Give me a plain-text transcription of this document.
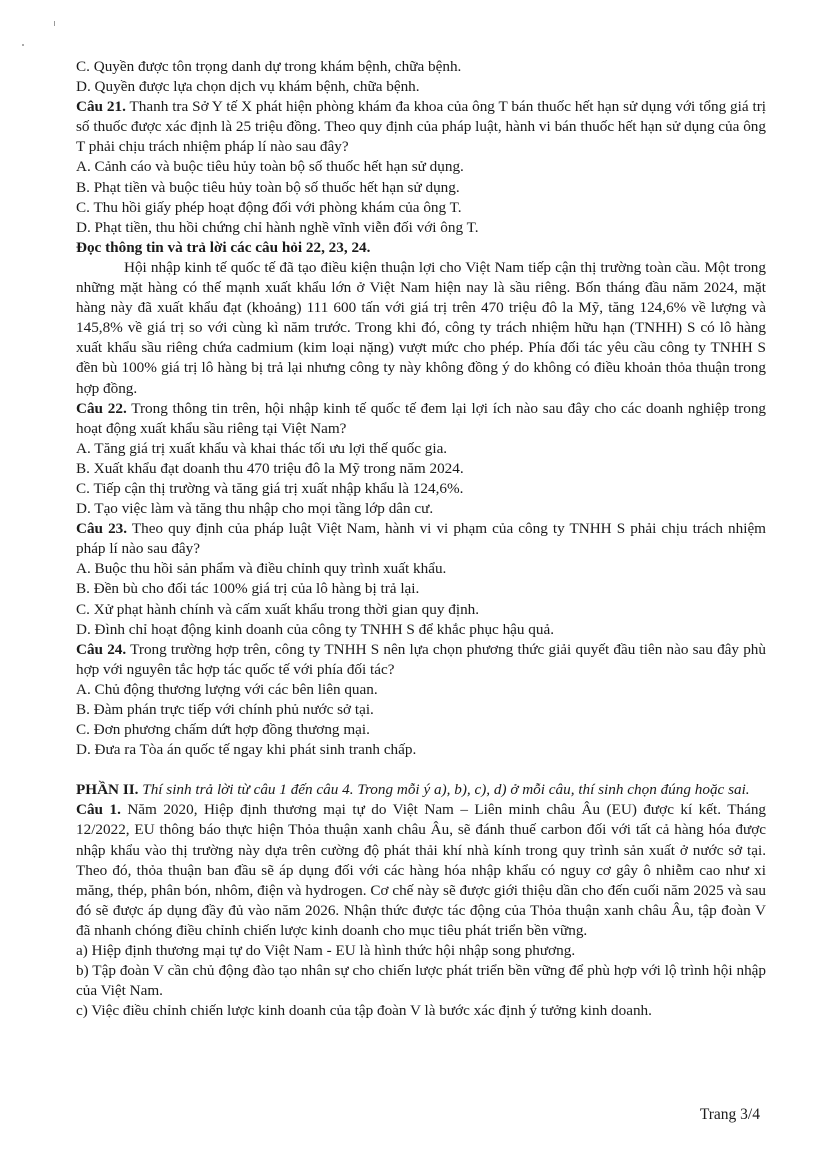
C. Quyền được tôn trọng danh dự trong khám bệnh, chữa bệnh.

D. Quyền được lựa chọn dịch vụ khám bệnh, chữa bệnh.

Câu 21. Thanh tra Sở Y tế X phát hiện phòng khám đa khoa của ông T bán thuốc hết hạn sử dụng với tổng giá trị số thuốc được xác định là 25 triệu đồng. Theo quy định của pháp luật, hành vi bán thuốc hết hạn sử dụng của ông T phải chịu trách nhiệm pháp lí nào sau đây?

A. Cảnh cáo và buộc tiêu hủy toàn bộ số thuốc hết hạn sử dụng.

B. Phạt tiền và buộc tiêu hủy toàn bộ số thuốc hết hạn sử dụng.

C. Thu hồi giấy phép hoạt động đối với phòng khám của ông T.

D. Phạt tiền, thu hồi chứng chỉ hành nghề vĩnh viễn đối với ông T.

Đọc thông tin và trả lời các câu hỏi 22, 23, 24.

Hội nhập kinh tế quốc tế đã tạo điều kiện thuận lợi cho Việt Nam tiếp cận thị trường toàn cầu. Một trong những mặt hàng có thế mạnh xuất khẩu lớn ở Việt Nam hiện nay là sầu riêng. Bốn tháng đầu năm 2024, mặt hàng này đã xuất khẩu đạt (khoảng) 111 600 tấn với giá trị trên 470 triệu đô la Mỹ, tăng 124,6% về lượng và 145,8% về giá trị so với cùng kì năm trước. Trong khi đó, công ty trách nhiệm hữu hạn (TNHH) S có lô hàng xuất khẩu sầu riêng chứa cadmium (kim loại nặng) vượt mức cho phép. Phía đối tác yêu cầu công ty TNHH S đền bù 100% giá trị lô hàng bị trả lại nhưng công ty này không đồng ý do không có điều khoản thỏa thuận trong hợp đồng.

Câu 22. Trong thông tin trên, hội nhập kinh tế quốc tế đem lại lợi ích nào sau đây cho các doanh nghiệp trong hoạt động xuất khẩu sầu riêng tại Việt Nam?

A. Tăng giá trị xuất khẩu và khai thác tối ưu lợi thế quốc gia.

B. Xuất khẩu đạt doanh thu 470 triệu đô la Mỹ trong năm 2024.

C. Tiếp cận thị trường và tăng giá trị xuất nhập khẩu là 124,6%.

D. Tạo việc làm và tăng thu nhập cho mọi tầng lớp dân cư.

Câu 23. Theo quy định của pháp luật Việt Nam, hành vi vi phạm của công ty TNHH S phải chịu trách nhiệm pháp lí nào sau đây?

A. Buộc thu hồi sản phẩm và điều chỉnh quy trình xuất khẩu.

B. Đền bù cho đối tác 100% giá trị của lô hàng bị trả lại.

C. Xử phạt hành chính và cấm xuất khẩu trong thời gian quy định.

D. Đình chỉ hoạt động kinh doanh của công ty TNHH S để khắc phục hậu quả.

Câu 24. Trong trường hợp trên, công ty TNHH S nên lựa chọn phương thức giải quyết đầu tiên nào sau đây phù hợp với nguyên tắc hợp tác quốc tế với phía đối tác?

A. Chủ động thương lượng với các bên liên quan.

B. Đàm phán trực tiếp với chính phủ nước sở tại.

C. Đơn phương chấm dứt hợp đồng thương mại.

D. Đưa ra Tòa án quốc tế ngay khi phát sinh tranh chấp.

PHẦN II. Thí sinh trả lời từ câu 1 đến câu 4. Trong mỗi ý a), b), c), d) ở mỗi câu, thí sinh chọn đúng hoặc sai.

Câu 1. Năm 2020, Hiệp định thương mại tự do Việt Nam – Liên minh châu Âu (EU) được kí kết. Tháng 12/2022, EU thông báo thực hiện Thỏa thuận xanh châu Âu, sẽ đánh thuế carbon đối với tất cả hàng hóa được nhập khẩu vào thị trường này dựa trên cường độ phát thải khí nhà kính trong quy trình sản xuất ở nước sở tại. Theo đó, thỏa thuận ban đầu sẽ áp dụng đối với các hàng hóa nhập khẩu có nguy cơ gây ô nhiễm cao như xi măng, thép, phân bón, nhôm, điện và hydrogen. Cơ chế này sẽ được giới thiệu dần cho đến cuối năm 2025 và sau đó sẽ được áp dụng đầy đủ vào năm 2026. Nhận thức được tác động của Thỏa thuận xanh châu Âu, tập đoàn V đã nhanh chóng điều chỉnh chiến lược kinh doanh cho mục tiêu phát triển bền vững.

a) Hiệp định thương mại tự do Việt Nam - EU là hình thức hội nhập song phương.

b) Tập đoàn V cần chủ động đào tạo nhân sự cho chiến lược phát triển bền vững để phù hợp với lộ trình hội nhập của Việt Nam.

c) Việc điều chỉnh chiến lược kinh doanh của tập đoàn V là bước xác định ý tưởng kinh doanh.

Trang 3/4
